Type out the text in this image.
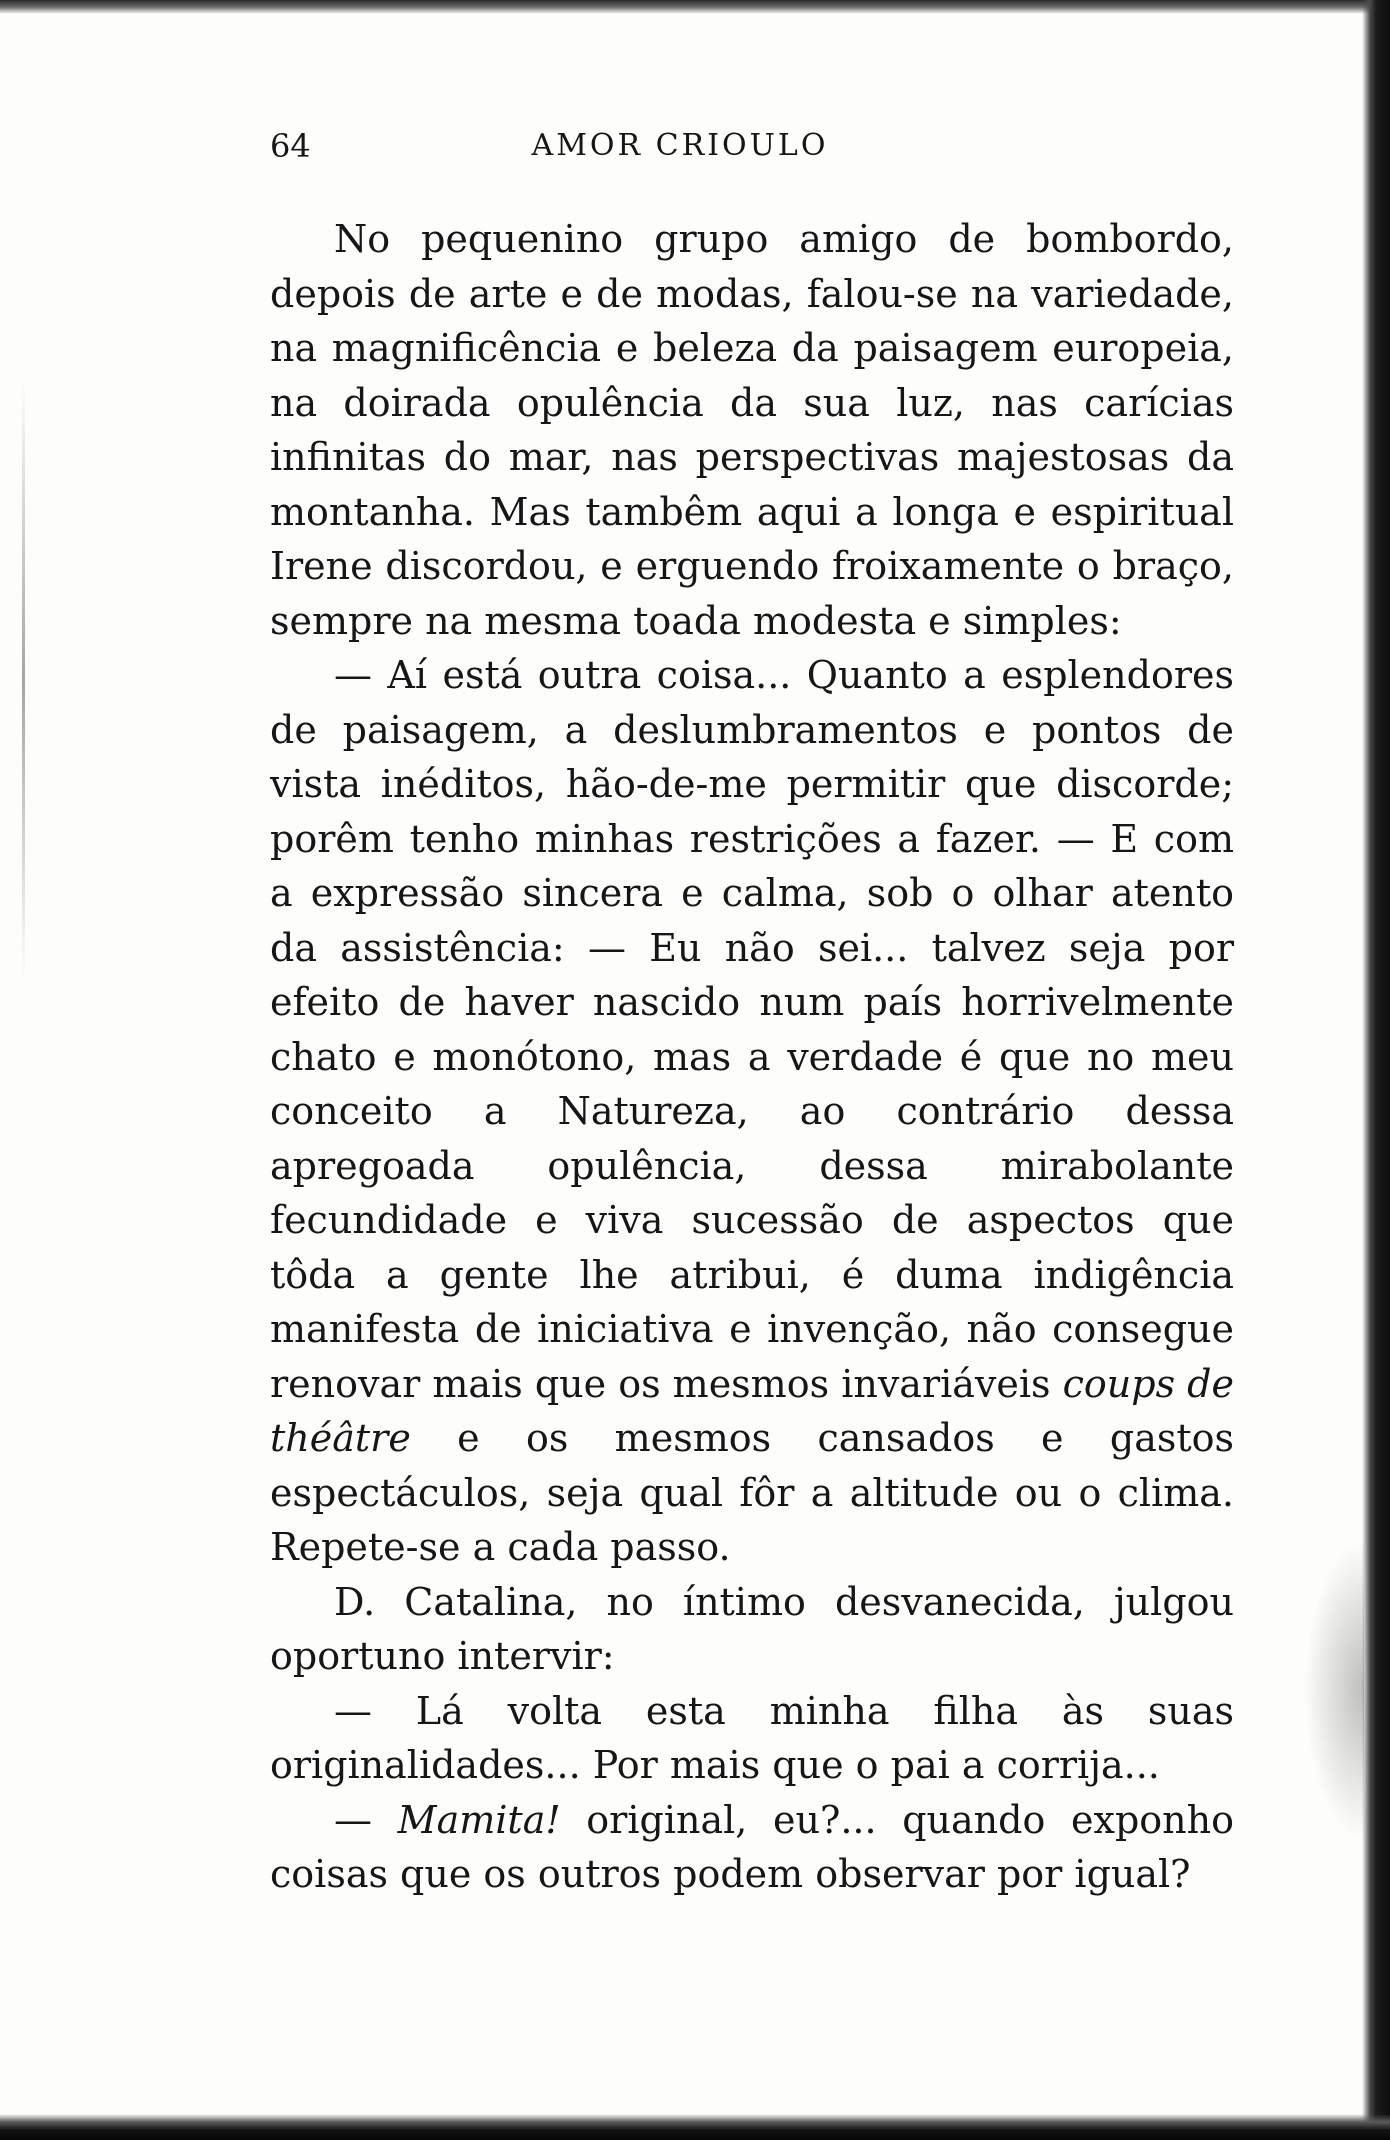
64	AMOR CRIOULO

No pequenino grupo amigo de bombordo, depois de arte e de modas, falou-se na variedade, na magnificência e beleza da paisagem europeia, na doirada opulência da sua luz, nas carícias infinitas do mar, nas perspectivas majestosas da montanha. Mas tambêm aqui a longa e espiritual Irene discordou, e erguendo froixamente o braço, sempre na mesma toada modesta e simples:

— Aí está outra coisa... Quanto a esplendores de paisagem, a deslumbramentos e pontos de vista inéditos, hão-de-me permitir que discorde; porêm tenho minhas restrições a fazer. — E com a expressão sincera e calma, sob o olhar atento da assistência: — Eu não sei... talvez seja por efeito de haver nascido num país horrivelmente chato e monótono, mas a verdade é que no meu conceito a Natureza, ao contrário dessa apregoada opulência, dessa mirabolante fecundidade e viva sucessão de aspectos que tôda a gente lhe atribui, é duma indigência manifesta de iniciativa e invenção, não consegue renovar mais que os mesmos invariáveis coups de théâtre e os mesmos cansados e gastos espectáculos, seja qual fôr a altitude ou o clima. Repete-se a cada passo.

D. Catalina, no íntimo desvanecida, julgou oportuno intervir:

— Lá volta esta minha filha às suas originalidades... Por mais que o pai a corrija...

— Mamita! original, eu?... quando exponho coisas que os outros podem observar por igual?
